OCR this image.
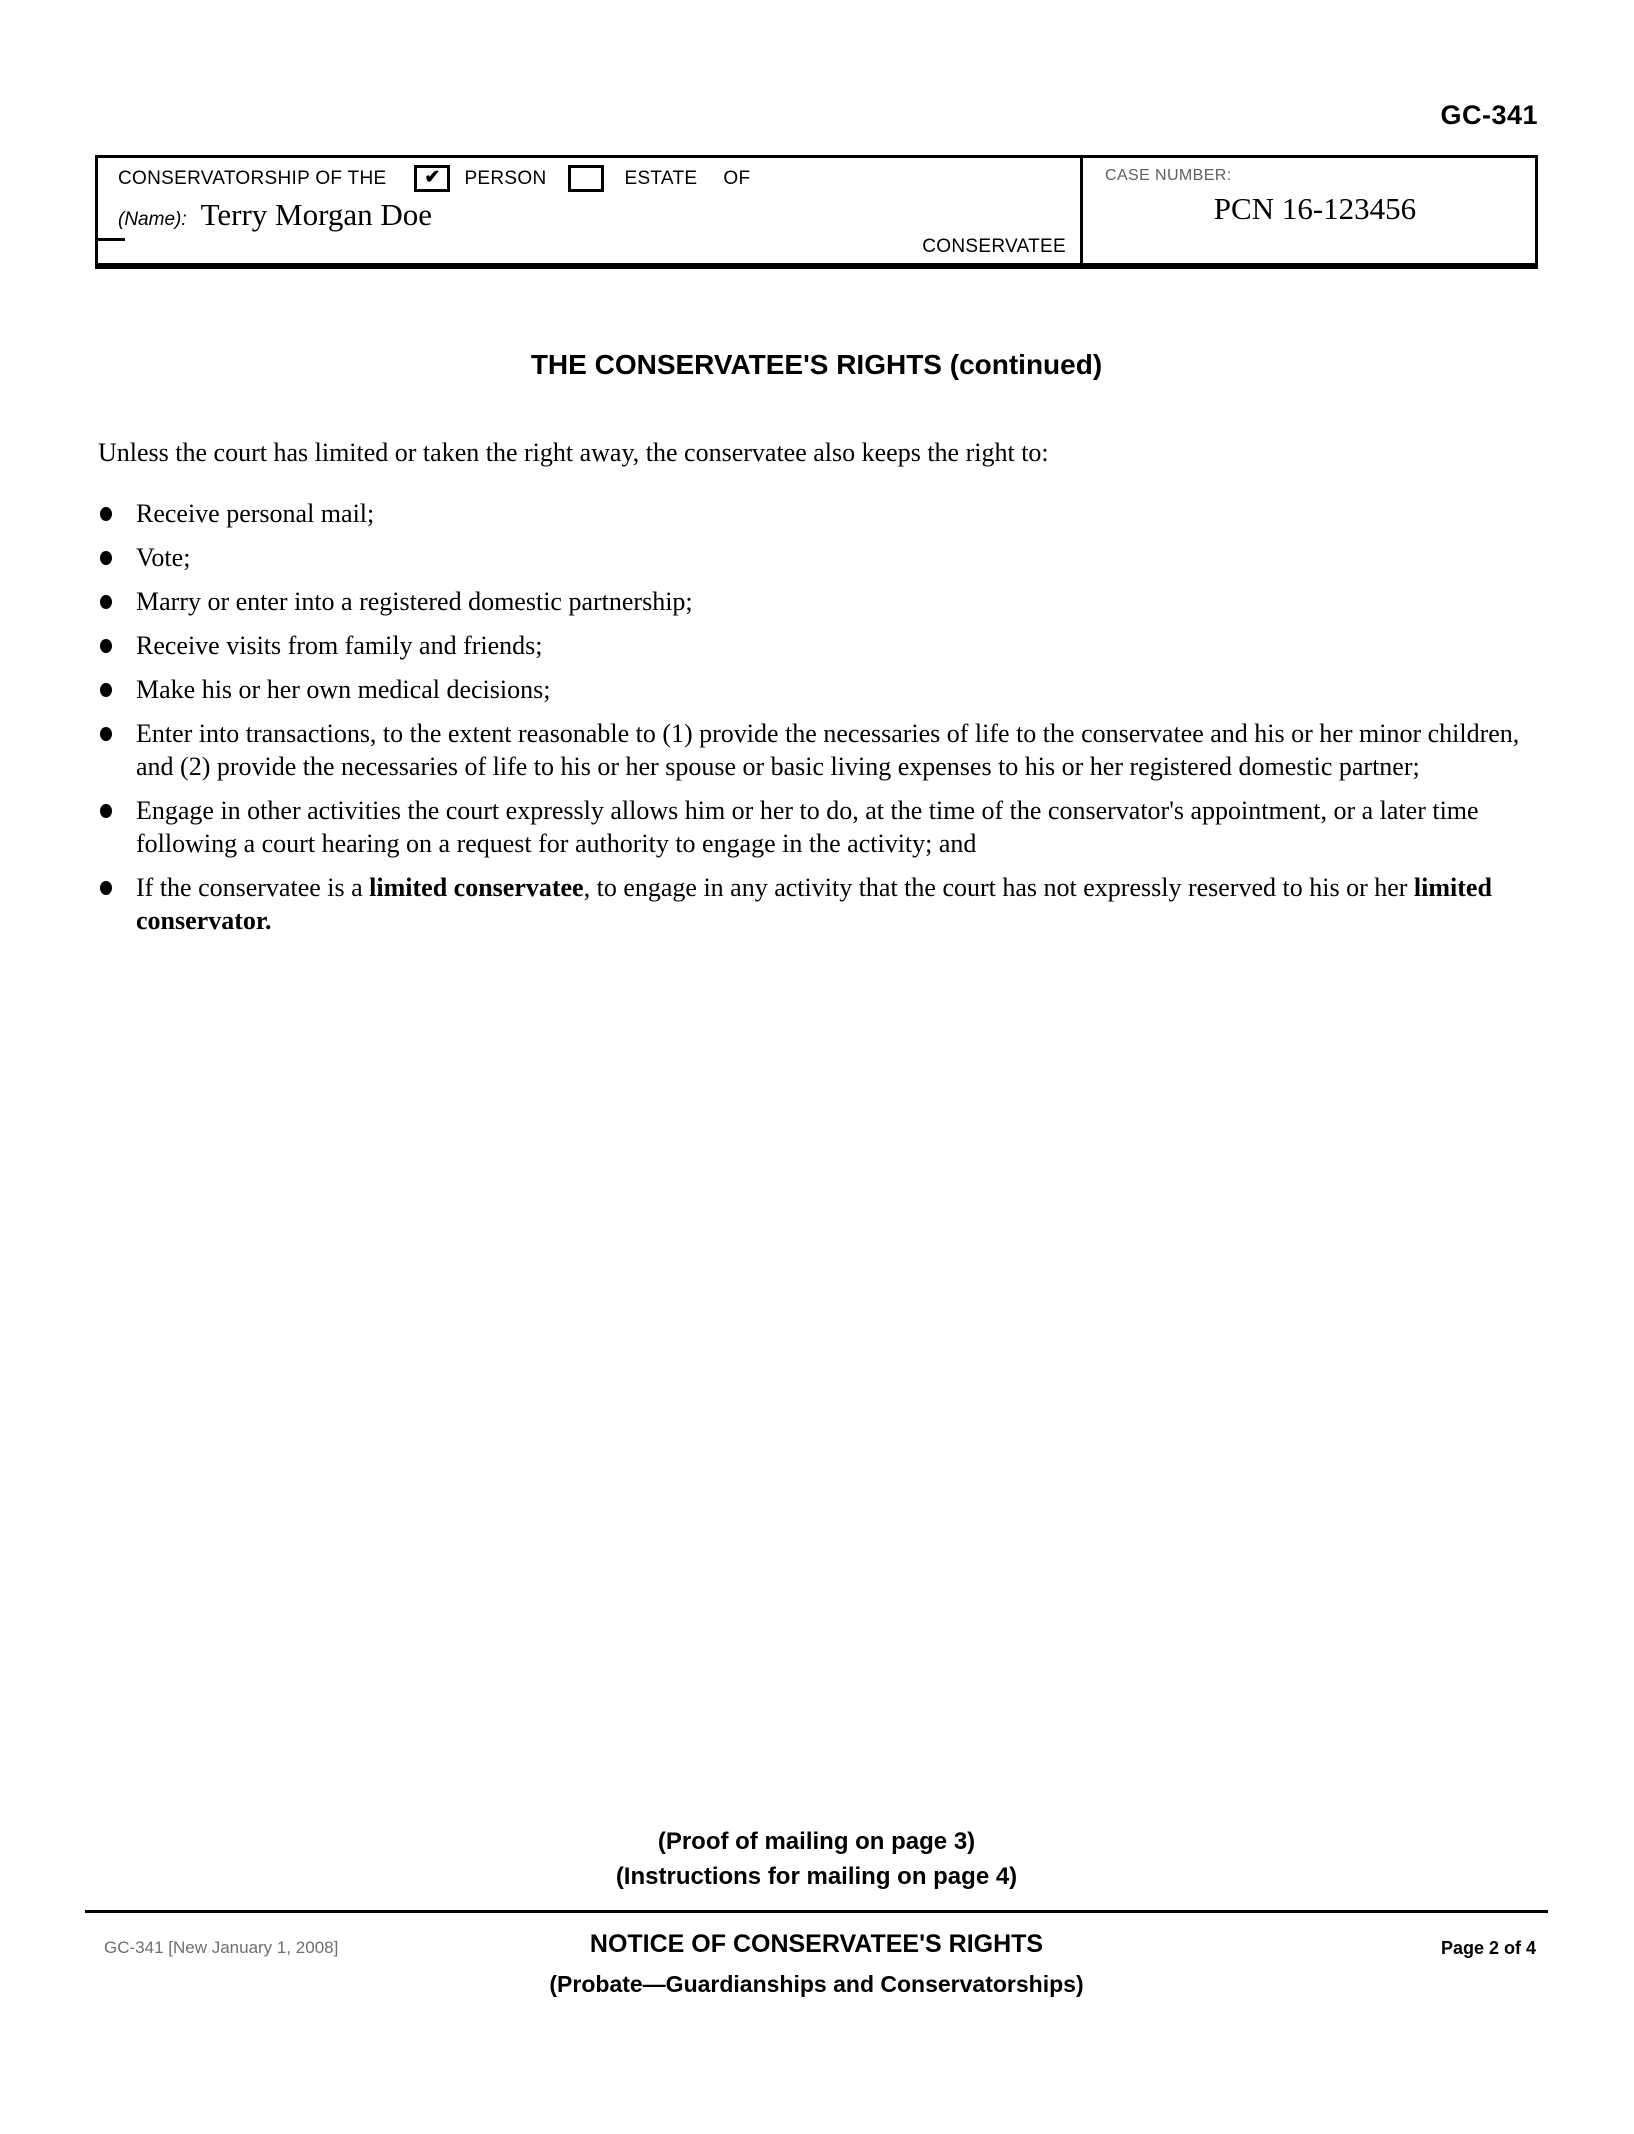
GC-341
CONSERVATORSHIP OF THE ✔ PERSON	ESTATE OF
(Name): Terry Morgan Doe
CONSERVATEE
CASE NUMBER:
PCN 16-123456
THE CONSERVATEE'S RIGHTS (continued)

Unless the court has limited or taken the right away, the conservatee also keeps the right to:

Receive personal mail;
Vote;
Marry or enter into a registered domestic partnership;
Receive visits from family and friends;
Make his or her own medical decisions;
Enter into transactions, to the extent reasonable to (1) provide the necessaries of life to the conservatee and his or her minor children, and (2) provide the necessaries of life to his or her spouse or basic living expenses to his or her registered domestic partner;
Engage in other activities the court expressly allows him or her to do, at the time of the conservator's appointment, or a later time following a court hearing on a request for authority to engage in the activity; and
If the conservatee is a limited conservatee, to engage in any activity that the court has not expressly reserved to his or her limited conservator.
(Proof of mailing on page 3)
(Instructions for mailing on page 4)
GC-341 [New January 1, 2008]	NOTICE OF CONSERVATEE'S RIGHTS
(Probate—Guardianships and Conservatorships)
Page 2 of 4
